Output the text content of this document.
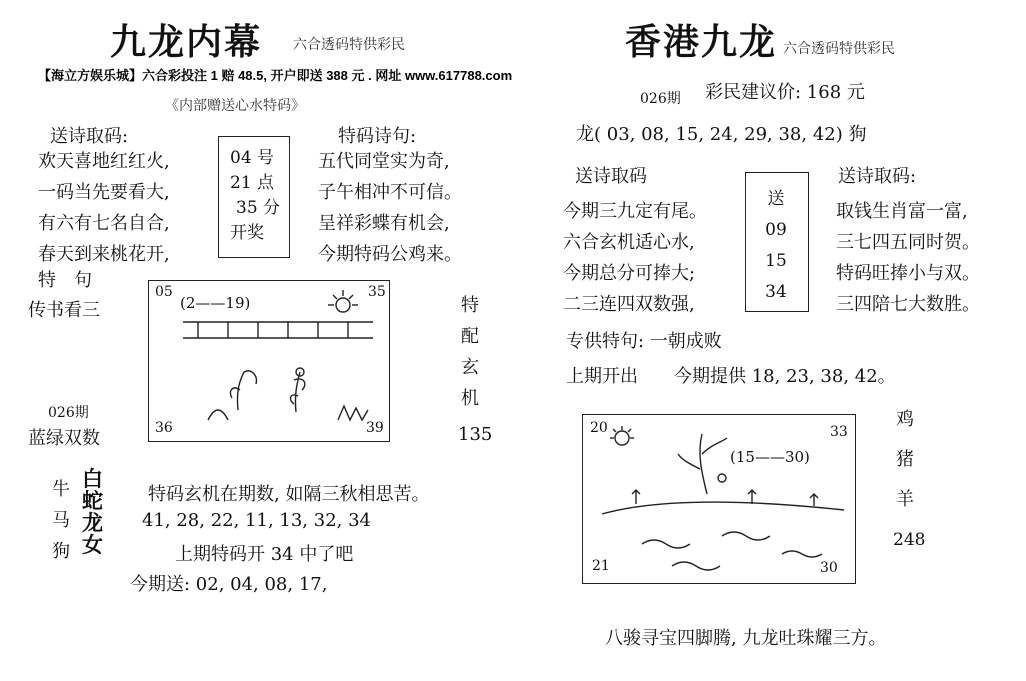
九龙内幕 六合透码特供彩民
【海立方娱乐城】六合彩投注 1 赔 48.5, 开户即送 388 元 . 网址 www.617788.com
《内部赠送心水特码》
送诗取码:
欢天喜地红红火,
一码当先要看大,
有六有七名自合,
春天到来桃花开,
04 号
21 点
35 分
开奖
特码诗句:
五代同堂实为奇,
子午相冲不可信。
呈祥彩蝶有机会,
今期特码公鸡来。
特　句
传书看三
026期
蓝绿双数
05	35
36	39
(2——19)	特
配
玄
机
135
牛
马
狗
白
蛇
龙
女
特码玄机在期数, 如隔三秋相思苦。
41, 28, 22, 11, 13, 32, 34
上期特码开 34 中了吧
今期送: 02, 04, 08, 17,
香港九龙 六合透码特供彩民
026期 彩民建议价: 168 元
龙( 03, 08, 15, 24, 29, 38, 42) 狗
送诗取码
今期三九定有尾。
六合玄机适心水,
今期总分可捧大;
二三连四双数强,
送
09
15
34
送诗取码:
取钱生肖富一富,
三七四五同时贺。
特码旺捧小与双。
三四陪七大数胜。
专供特句: 一朝成败
上期开出　　今期提供 18, 23, 38, 42。
20	33
21	30
(15——30)
鸡
猪
羊
248
八骏寻宝四脚腾, 九龙吐珠耀三方。
